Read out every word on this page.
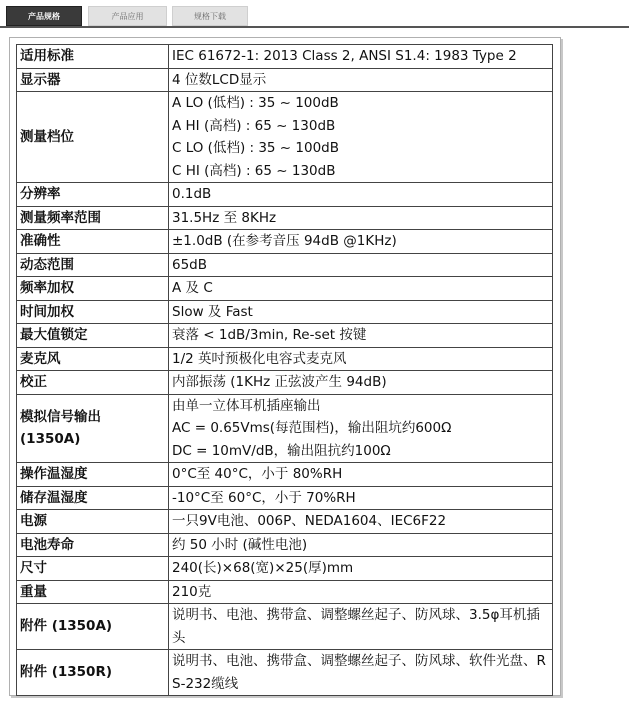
产品规格	产品应用	规格下载
适用标准	IEC 61672-1: 2013 Class 2, ANSI S1.4: 1983 Type 2

显示器	4 位数LCD显示

测量档位	A LO (低档) : 35 ~ 100dB
A HI (高档) : 65 ~ 130dB
C LO (低档) : 35 ~ 100dB
C HI (高档) : 65 ~ 130dB

分辨率	0.1dB

测量频率范围	31.5Hz 至 8KHz

准确性	±1.0dB (在参考音压 94dB @1KHz)

动态范围	65dB

频率加权	A 及 C

时间加权	Slow 及 Fast

最大值锁定	衰落 < 1dB/3min, Re-set 按键

麦克风	1/2 英吋预极化电容式麦克风

校正	内部振荡 (1KHz 正弦波产生 94dB)

模拟信号输出 (1350A)	由单一立体耳机插座输出
AC = 0.65Vms(每范围档)，输出阻坑约600Ω
DC = 10mV/dB，输出阻抗约100Ω

操作温湿度	0°C至 40°C，小于 80%RH

储存温湿度	-10°C至 60°C，小于 70%RH

电源	一只9V电池、006P、NEDA1604、IEC6F22

电池寿命	约 50 小时 (碱性电池)

尺寸	240(长)×68(宽)×25(厚)mm

重量	210克

附件 (1350A)	说明书、电池、携带盒、调整螺丝起子、防风球、3.5φ耳机插头

附件 (1350R)	说明书、电池、携带盒、调整螺丝起子、防风球、软件光盘、RS-232缆线
